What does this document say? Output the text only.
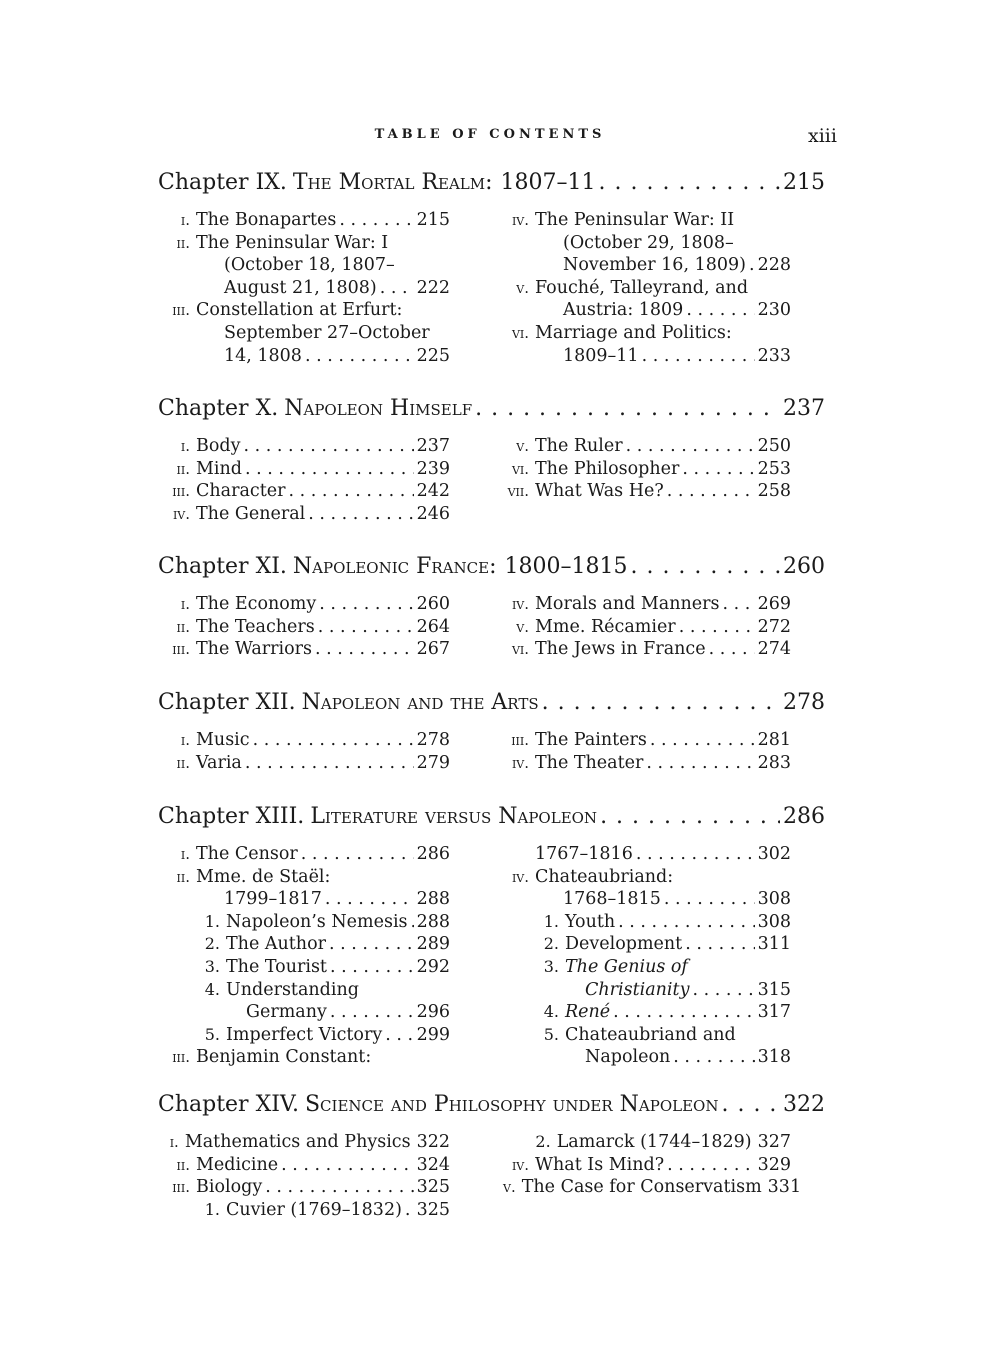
TABLE OF CONTENTS	xiii
Chapter IX. The Mortal Realm: 1807–11 . . .	215
i. The Bonapartes . . .	215
ii. The Peninsular War: I
(October 18, 1807–
August 21, 1808) . . . 222
iii. Constellation at Erfurt:
September 27–October
14, 1808 . . .	225
iv. The Peninsular War: II
(October 29, 1808–
November 16, 1809) . . . 228
v. Fouché, Talleyrand, and
Austria: 1809 . . .	230
vi. Marriage and Politics:
1809–11 . . .	233
Chapter X. Napoleon Himself . . .	237
i. Body . . .	237
ii. Mind . . .	239
iii. Character . . .	242
iv. The General . . .	246
v. The Ruler . . .	250
vi. The Philosopher . . .	253
vii. What Was He? . . .	258
Chapter XI. Napoleonic France: 1800–1815 . . .	260
i. The Economy . . .	260
ii. The Teachers . . .	264
iii. The Warriors . . .	267
iv. Morals and Manners . . . 269
v. Mme. Récamier . . .	272
vi. The Jews in France . . .	274
Chapter XII. Napoleon and the Arts . . .	278
i. Music . . .	278
ii. Varia . . .	279
iii. The Painters . . .	281
iv. The Theater . . .	283
Chapter XIII. Literature versus Napoleon . . .	286
i. The Censor . . .	286
ii. Mme. de Staël:
1799–1817 . . .	288
1. Napoleon’s Nemesis . . . 288
2. The Author . . .	289
3. The Tourist . . .	292
4. Understanding
Germany . . .	296
5. Imperfect Victory . . . 299
iii. Benjamin Constant:
1767–1816 . . .	302
iv. Chateaubriand:
1768–1815 . . .	308
1. Youth . . .	308
2. Development . . .	311
3. The Genius of
Christianity . . .	315
4. René . . .	317
5. Chateaubriand and
Napoleon . . .	318
Chapter XIV. Science and Philosophy under Napoleon . . .	322
i. Mathematics and Physics 322
ii. Medicine . . .	324
iii. Biology . . .	325
1. Cuvier (1769–1832) . . . 325
2. Lamarck (1744–1829) 327
iv. What Is Mind? . . .	329
v. The Case for Conservatism 331
